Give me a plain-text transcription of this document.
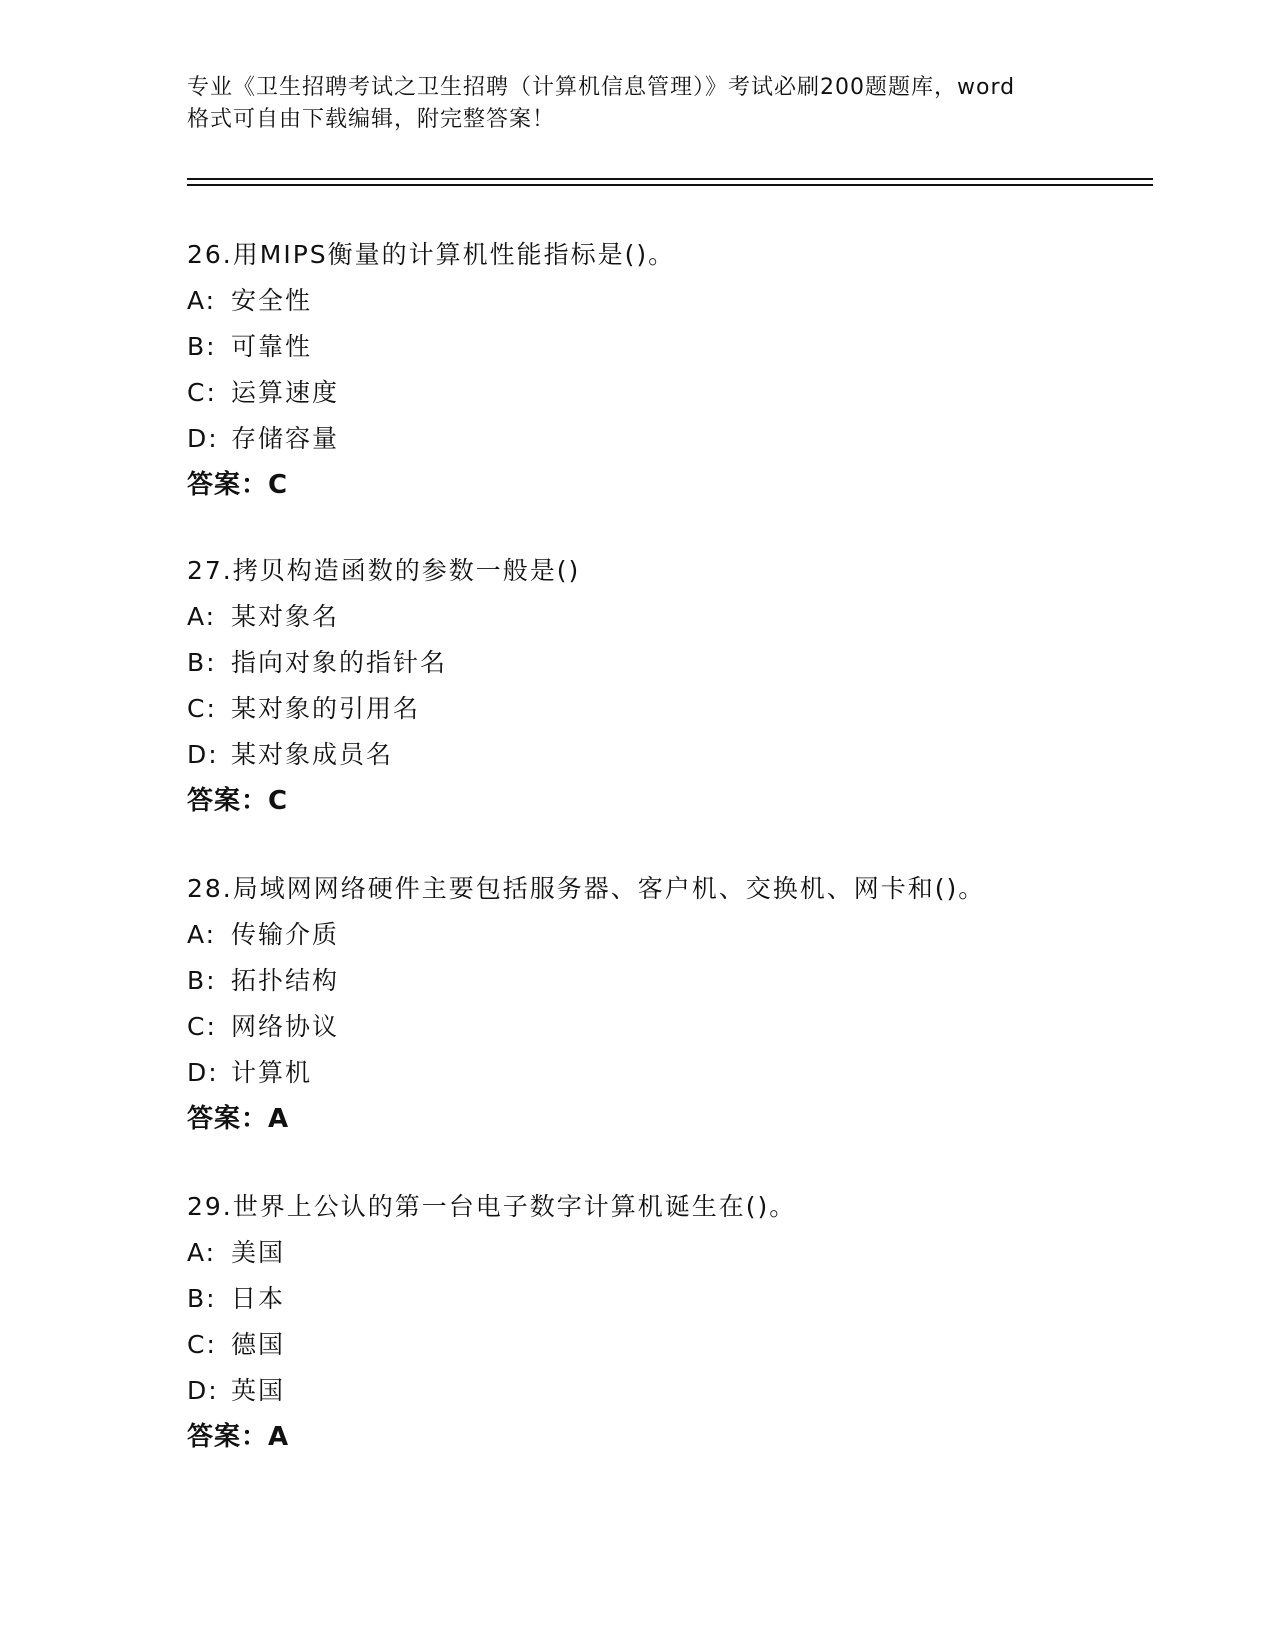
专业《卫生招聘考试之卫生招聘（计算机信息管理）》考试必刷200题题库，word
格式可自由下载编辑，附完整答案！
26.用MIPS衡量的计算机性能指标是()。
A: 安全性
B: 可靠性
C: 运算速度
D: 存储容量
答案：C
27.拷贝构造函数的参数一般是()
A: 某对象名
B: 指向对象的指针名
C: 某对象的引用名
D: 某对象成员名
答案：C
28.局域网网络硬件主要包括服务器、客户机、交换机、网卡和()。
A: 传输介质
B: 拓扑结构
C: 网络协议
D: 计算机
答案：A
29.世界上公认的第一台电子数字计算机诞生在()。
A: 美国
B: 日本
C: 德国
D: 英国
答案：A
